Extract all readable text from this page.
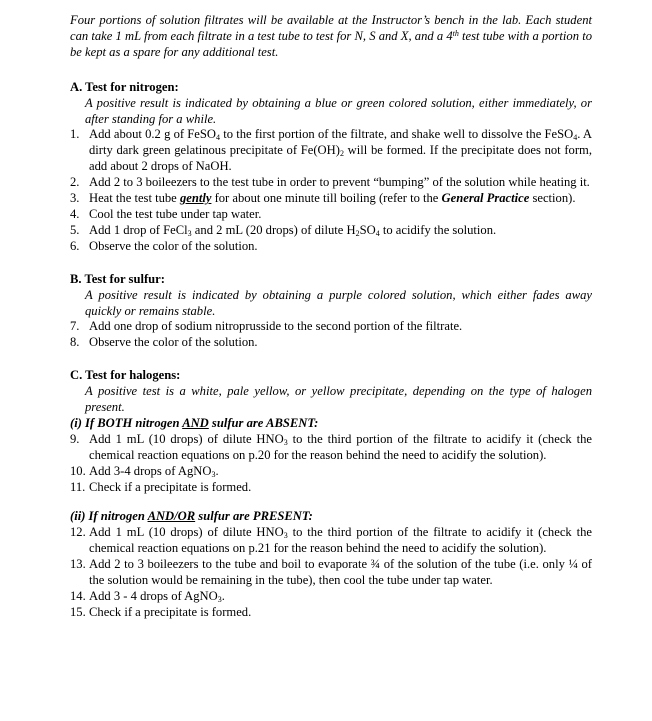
Four portions of solution filtrates will be available at the Instructor’s bench in the lab. Each student can take 1 mL from each filtrate in a test tube to test for N, S and X, and a 4th test tube with a portion to be kept as a spare for any additional test.

A. Test for nitrogen:

A positive result is indicated by obtaining a blue or green colored solution, either immediately, or after standing for a while.

1. Add about 0.2 g of FeSO$_4$ to the first portion of the filtrate, and shake well to dissolve the FeSO$_4$. A dirty dark green gelatinous precipitate of $Fe(OH)_2$ will be formed. If the precipitate does not form, add about 2 drops of NaOH.
2. Add 2 to 3 boileezers to the test tube in order to prevent “bumping” of the solution while heating it.
3. Heat the test tube gently for about one minute till boiling (refer to the General Practice section).
4. Cool the test tube under tap water.
5. Add 1 drop of FeCl$_3$ and 2 mL (20 drops) of dilute $H_2SO_4$ to acidify the solution.
6. Observe the color of the solution.

B. Test for sulfur:

A positive result is indicated by obtaining a purple colored solution, which either fades away quickly or remains stable.

7. Add one drop of sodium nitroprusside to the second portion of the filtrate.
8. Observe the color of the solution.

C. Test for halogens:

A positive test is a white, pale yellow, or yellow precipitate, depending on the type of halogen present.

(i) If BOTH nitrogen AND sulfur are ABSENT:

9. Add 1 mL (10 drops) of dilute $HNO_3$ to the third portion of the filtrate to acidify it (check the chemical reaction equations on p.20 for the reason behind the need to acidify the solution).
10. Add 3-4 drops of AgNO$_3$.
11. Check if a precipitate is formed.

(ii) If nitrogen AND/OR sulfur are PRESENT:

12. Add 1 mL (10 drops) of dilute $HNO_3$ to the third portion of the filtrate to acidify it (check the chemical reaction equations on p.21 for the reason behind the need to acidify the solution).
13. Add 2 to 3 boileezers to the tube and boil to evaporate ¾ of the solution of the tube (i.e. only ¼ of the solution would be remaining in the tube), then cool the tube under tap water.
14. Add 3 - 4 drops of AgNO$_3$.
15. Check if a precipitate is formed.
